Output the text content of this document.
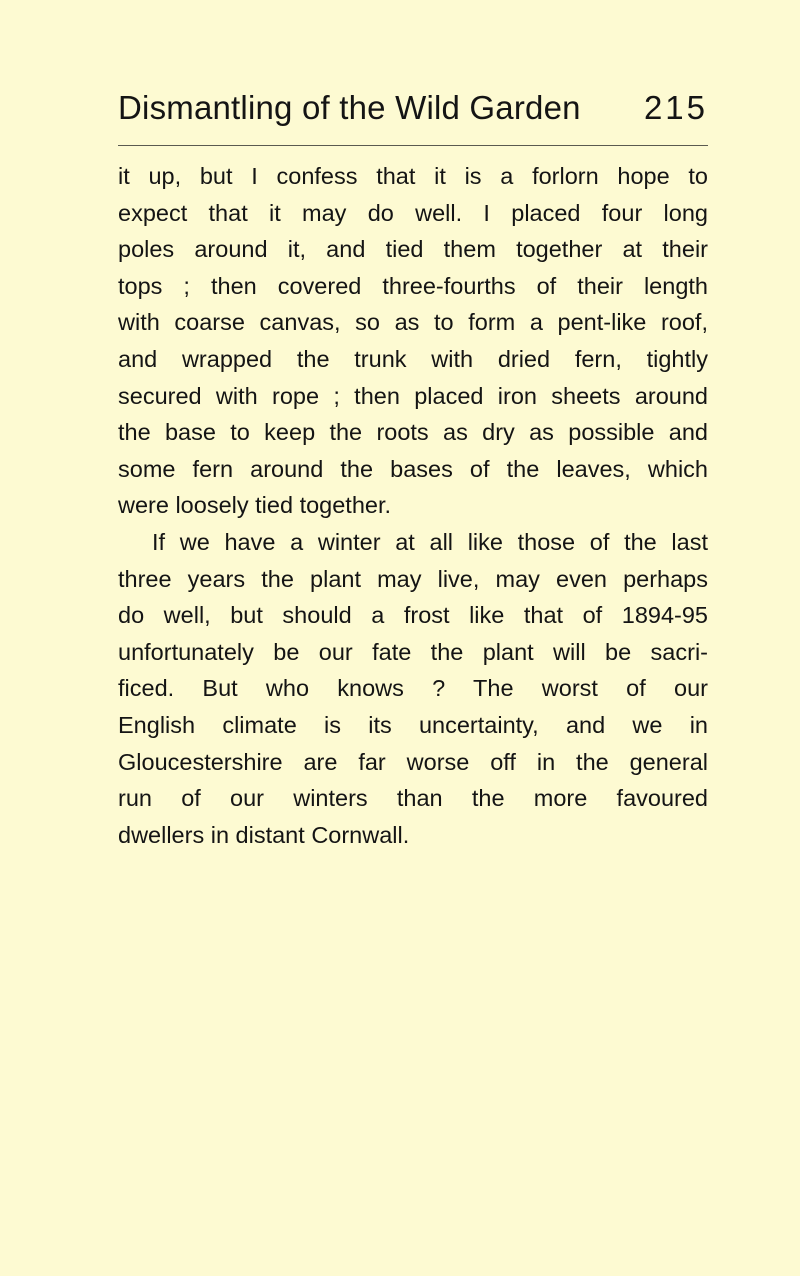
Dismantling of the Wild Garden 215
it up, but I confess that it is a forlorn hope to
expect that it may do well. I placed four long
poles around it, and tied them together at their
tops ; then covered three-fourths of their length
with coarse canvas, so as to form a pent-like roof,
and wrapped the trunk with dried fern, tightly
secured with rope ; then placed iron sheets around
the base to keep the roots as dry as possible and
some fern around the bases of the leaves, which
were loosely tied together.
If we have a winter at all like those of the last
three years the plant may live, may even perhaps
do well, but should a frost like that of 1894-95
unfortunately be our fate the plant will be sacri-
ficed. But who knows ? The worst of our
English climate is its uncertainty, and we in
Gloucestershire are far worse off in the general
run of our winters than the more favoured
dwellers in distant Cornwall.
